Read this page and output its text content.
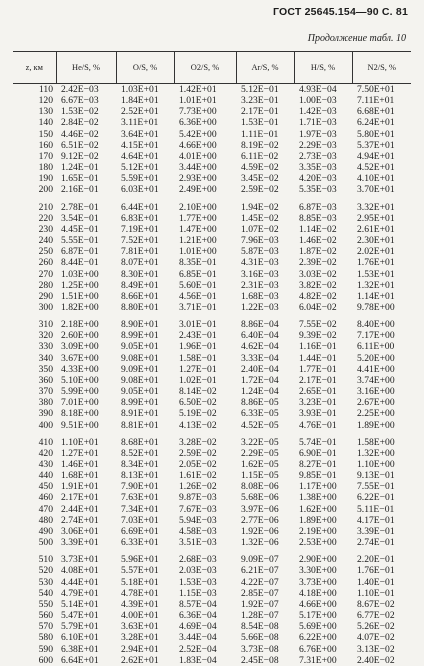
ГОСТ 25645.154—90 С. 81
Продолжение табл. 10
z, км	He/S, %	O/S, %	O2/S, %	Ar/S, %	H/S, %	N2/S, %
110	2.42E−03	1.03E+01	1.42E+01	5.12E−01	4.93E−04	7.50E+01
120	6.67E−03	1.84E+01	1.01E+01	3.23E−01	1.00E−03	7.11E+01
130	1.53E−02	2.52E+01	7.73E+00	2.17E−01	1.42E−03	6.68E+01
140	2.84E−02	3.11E+01	6.36E+00	1.53E−01	1.71E−03	6.24E+01
150	4.46E−02	3.64E+01	5.42E+00	1.11E−01	1.97E−03	5.80E+01
160	6.51E−02	4.15E+01	4.66E+00	8.19E−02	2.29E−03	5.37E+01
170	9.12E−02	4.64E+01	4.01E+00	6.11E−02	2.73E−03	4.94E+01
180	1.24E−01	5.12E+01	3.44E+00	4.59E−02	3.35E−03	4.52E+01
190	1.65E−01	5.59E+01	2.93E+00	3.45E−02	4.20E−03	4.10E+01
200	2.16E−01	6.03E+01	2.49E+00	2.59E−02	5.35E−03	3.70E+01

210	2.78E−01	6.44E+01	2.10E+00	1.94E−02	6.87E−03	3.32E+01
220	3.54E−01	6.83E+01	1.77E+00	1.45E−02	8.85E−03	2.95E+01
230	4.45E−01	7.19E+01	1.47E+00	1.07E−02	1.14E−02	2.61E+01
240	5.55E−01	7.52E+01	1.21E+00	7.96E−03	1.46E−02	2.30E+01
250	6.87E−01	7.81E+01	1.01E+00	5.87E−03	1.87E−02	2.02E+01
260	8.44E−01	8.07E+01	8.35E−01	4.31E−03	2.39E−02	1.76E+01
270	1.03E+00	8.30E+01	6.85E−01	3.16E−03	3.03E−02	1.53E+01
280	1.25E+00	8.49E+01	5.60E−01	2.31E−03	3.82E−02	1.32E+01
290	1.51E+00	8.66E+01	4.56E−01	1.68E−03	4.82E−02	1.14E+01
300	1.82E+00	8.80E+01	3.71E−01	1.22E−03	6.04E−02	9.78E+00

310	2.18E+00	8.90E+01	3.01E−01	8.86E−04	7.55E−02	8.40E+00
320	2.60E+00	8.99E+01	2.43E−01	6.40E−04	9.39E−02	7.17E+00
330	3.09E+00	9.05E+01	1.96E−01	4.62E−04	1.16E−01	6.11E+00
340	3.67E+00	9.08E+01	1.58E−01	3.33E−04	1.44E−01	5.20E+00
350	4.33E+00	9.09E+01	1.27E−01	2.40E−04	1.77E−01	4.41E+00
360	5.10E+00	9.08E+01	1.02E−01	1.72E−04	2.17E−01	3.74E+00
370	5.99E+00	9.05E+01	8.14E−02	1.24E−04	2.65E−01	3.16E+00
380	7.01E+00	8.99E+01	6.50E−02	8.86E−05	3.23E−01	2.67E+00
390	8.18E+00	8.91E+01	5.19E−02	6.33E−05	3.93E−01	2.25E+00
400	9.51E+00	8.81E+01	4.13E−02	4.52E−05	4.76E−01	1.89E+00

410	1.10E+01	8.68E+01	3.28E−02	3.22E−05	5.74E−01	1.58E+00
420	1.27E+01	8.52E+01	2.59E−02	2.29E−05	6.90E−01	1.32E+00
430	1.46E+01	8.34E+01	2.05E−02	1.62E−05	8.27E−01	1.10E+00
440	1.68E+01	8.13E+01	1.61E−02	1.15E−05	9.85E−01	9.13E−01
450	1.91E+01	7.90E+01	1.26E−02	8.08E−06	1.17E+00	7.55E−01
460	2.17E+01	7.63E+01	9.87E−03	5.68E−06	1.38E+00	6.22E−01
470	2.44E+01	7.34E+01	7.67E−03	3.97E−06	1.62E+00	5.11E−01
480	2.74E+01	7.03E+01	5.94E−03	2.77E−06	1.89E+00	4.17E−01
490	3.06E+01	6.69E+01	4.58E−03	1.92E−06	2.19E+00	3.39E−01
500	3.39E+01	6.33E+01	3.51E−03	1.32E−06	2.53E+00	2.74E−01

510	3.73E+01	5.96E+01	2.68E−03	9.09E−07	2.90E+00	2.20E−01
520	4.08E+01	5.57E+01	2.03E−03	6.21E−07	3.30E+00	1.76E−01
530	4.44E+01	5.18E+01	1.53E−03	4.22E−07	3.73E+00	1.40E−01
540	4.79E+01	4.78E+01	1.15E−03	2.85E−07	4.18E+00	1.10E−01
550	5.14E+01	4.39E+01	8.57E−04	1.92E−07	4.66E+00	8.67E−02
560	5.47E+01	4.00E+01	6.36E−04	1.28E−07	5.17E+00	6.77E−02
570	5.79E+01	3.63E+01	4.69E−04	8.54E−08	5.69E+00	5.26E−02
580	6.10E+01	3.28E+01	3.44E−04	5.66E−08	6.22E+00	4.07E−02
590	6.38E+01	2.94E+01	2.52E−04	3.73E−08	6.76E+00	3.13E−02
600	6.64E+01	2.62E+01	1.83E−04	2.45E−08	7.31E+00	2.40E−02
